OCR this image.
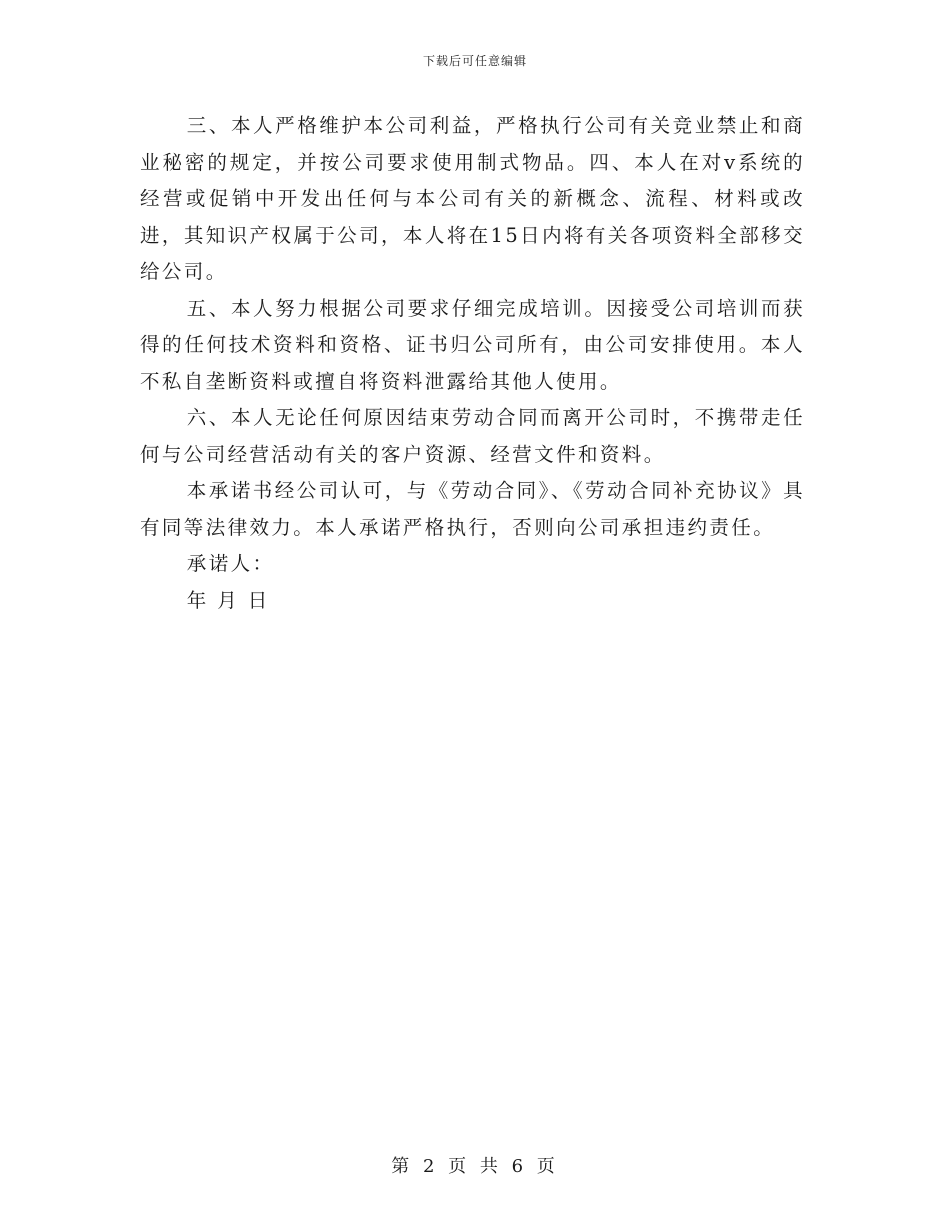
下载后可任意编辑

三、本人严格维护本公司利益，严格执行公司有关竞业禁止和商业秘密的规定，并按公司要求使用制式物品。四、本人在对v系统的经营或促销中开发出任何与本公司有关的新概念、流程、材料或改进，其知识产权属于公司，本人将在15日内将有关各项资料全部移交给公司。

五、本人努力根据公司要求仔细完成培训。因接受公司培训而获得的任何技术资料和资格、证书归公司所有，由公司安排使用。本人不私自垄断资料或擅自将资料泄露给其他人使用。

六、本人无论任何原因结束劳动合同而离开公司时，不携带走任何与公司经营活动有关的客户资源、经营文件和资料。

本承诺书经公司认可，与《劳动合同》、《劳动合同补充协议》具有同等法律效力。本人承诺严格执行，否则向公司承担违约责任。

承诺人：

年 月 日

第 2 页 共 6 页
